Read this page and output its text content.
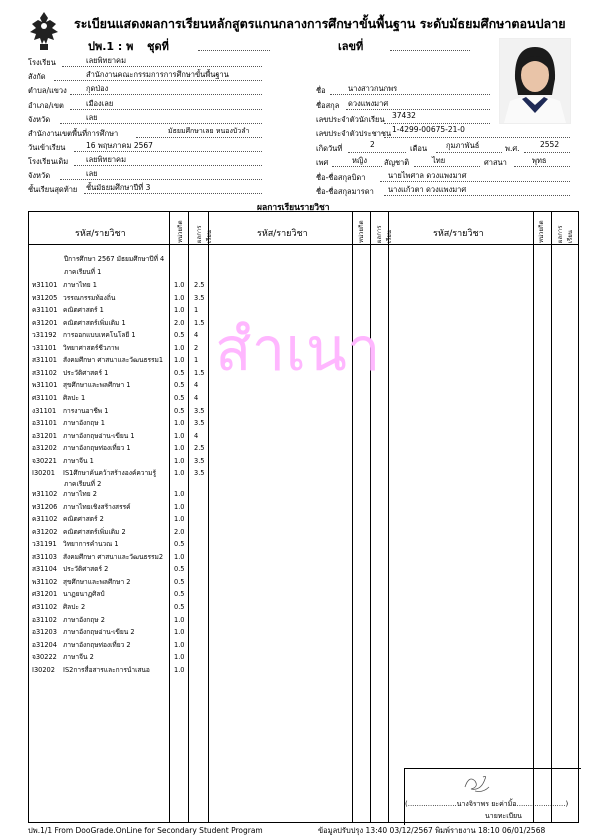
ระเบียนแสดงผลการเรียนหลักสูตรแกนกลางการศึกษาขั้นพื้นฐาน ระดับมัธยมศึกษาตอนปลาย
ปพ.1 : พ ชุดที่	เลขที่
โรงเรียน	เลยพิทยาคม
สังกัด	สำนักงานคณะกรรมการการศึกษาขั้นพื้นฐาน
ตำบล/แขวง	กุดป่อง
อำเภอ/เขต	เมืองเลย
จังหวัด	เลย
สำนักงานเขตพื้นที่การศึกษา	มัธยมศึกษาเลย หนองบัวลำ
วันเข้าเรียน	16 พฤษภาคม 2567
โรงเรียนเดิม เลยพิทยาคม
จังหวัด	เลย
ชั้นเรียนสุดท้าย ชั้นมัธยมศึกษาปีที่ 3
ชื่อ	นางสาวกนกพร
ชื่อสกุล ดวงแพงมาศ
เลขประจำตัวนักเรียน 37432
เลขประจำตัวประชาชน 1-4299-00675-21-0
เกิดวันที่	2	เดือน	กุมภาพันธ์	พ.ศ.	2552
เพศ	หญิง สัญชาติ	ไทย	ศาสนา	พุทธ
ชื่อ-ชื่อสกุลบิดา	นายไพศาล ดวงแพงมาศ
ชื่อ-ชื่อสกุลมารดา นางแก้วตา ดวงแพงมาศ
ผลการเรียนรายวิชา
รหัส/รายวิชา	หน่วยกิต	ผลการเรียน	รหัส/รายวิชา	หน่วยกิต	ผลการเรียน	รหัส/รายวิชา	หน่วยกิต	ผลการเรียน
ปีการศึกษา 2567 มัธยมศึกษาปีที่ 4
ภาคเรียนที่ 1
ท31101 ภาษาไทย 1	1.0	2.5
ท31205 วรรณกรรมท้องถิ่น	1.0	3.5
ค31101 คณิตศาสตร์ 1	1.0	1
ค31201 คณิตศาสตร์เพิ่มเติม 1	2.0	1.5
ว31192 การออกแบบเทคโนโลยี 1	0.5	4
ว31101 วิทยาศาสตร์ชีวภาพ	1.0	2
ส31101 สังคมศึกษา ศาสนาและวัฒนธรรม1	1.0	1
ส31102 ประวัติศาสตร์ 1	0.5	1.5
พ31101 สุขศึกษาและพลศึกษา 1	0.5	4
ศ31101 ศิลปะ 1	0.5	4
ง31101	การงานอาชีพ 1	0.5	3.5
อ31101 ภาษาอังกฤษ 1	1.0	3.5
อ31201 ภาษาอังกฤษอ่าน-เขียน 1	1.0	4
อ31202 ภาษาอังกฤษท่องเที่ยว 1	1.0	2.5
จ30221 ภาษาจีน 1	1.0	3.5
I30201	IS1ศึกษาค้นคว้าสร้างองค์ความรู้	1.0	3.5
ภาคเรียนที่ 2
ท31102 ภาษาไทย 2	1.0
ท31206 ภาษาไทยเชิงสร้างสรรค์	1.0
ค31102 คณิตศาสตร์ 2	1.0
ค31202 คณิตศาสตร์เพิ่มเติม 2	2.0
ว31191 วิทยาการคำนวณ 1	0.5
ส31103 สังคมศึกษา ศาสนาและวัฒนธรรม2	1.0
ส31104 ประวัติศาสตร์ 2	0.5
พ31102 สุขศึกษาและพลศึกษา 2	0.5
ศ31201 นาฏยนาฏศิลป์	0.5
ศ31102 ศิลปะ 2	0.5
อ31102 ภาษาอังกฤษ 2	1.0
อ31203 ภาษาอังกฤษอ่าน-เขียน 2	1.0
อ31204 ภาษาอังกฤษท่องเที่ยว 2	1.0
จ30222 ภาษาจีน 2	1.0
I30202	IS2การสื่อสารและการนำเสนอ	1.0
(......................นางจิราพร ยะค่ามิ้อ......................)
นายทะเบียน
สำเนา
ปพ.1/1 From DooGrade.OnLine for Secondary Student Program	ข้อมูลปรับปรุง 13:40 03/12/2567 พิมพ์รายงาน 18:10 06/01/2568
